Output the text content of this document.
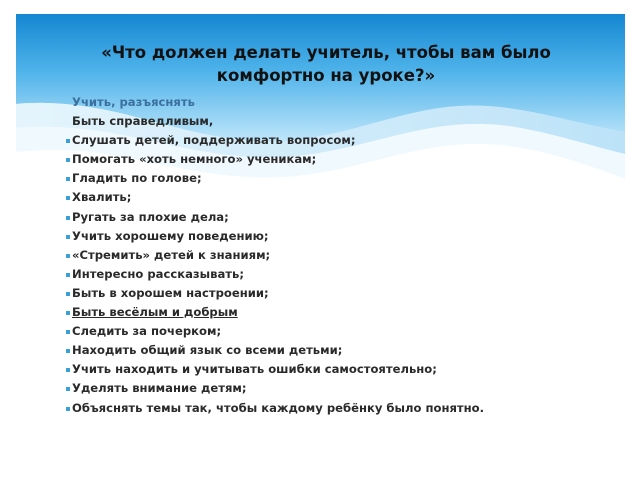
«Что должен делать учитель, чтобы вам было комфортно на уроке?»
Учить, разъяснять
Быть справедливым,
Слушать детей, поддерживать вопросом;
Помогать «хоть немного» ученикам;
Гладить по голове;
Хвалить;
Ругать за плохие дела;
Учить хорошему поведению;
«Стремить» детей к знаниям;
Интересно рассказывать;
Быть в хорошем настроении;
Быть весёлым и добрым
Следить за почерком;
Находить общий язык со всеми детьми;
Учить находить и учитывать ошибки самостоятельно;
Уделять внимание детям;
Объяснять темы так, чтобы каждому ребёнку было понятно.
